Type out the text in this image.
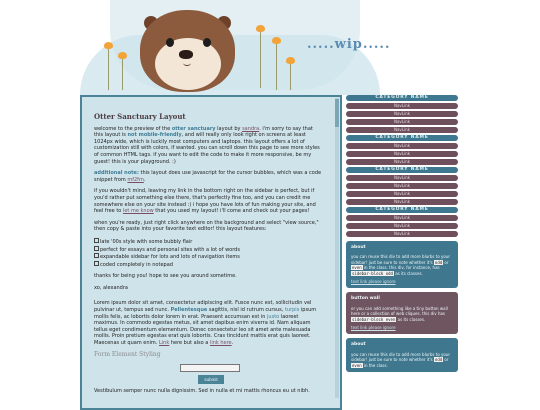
.....wip.....
Otter Sanctuary Layout

welcome to the preview of the otter sanctuary layout by sandra. i'm sorry to say that this layout is not mobile-friendly, and will really only look right on screens at least 1024px wide, which is luckily most computers and laptops. this layout offers a lot of customization still with colors, if wanted. you can scroll down this page to see more styles of common HTML tags. if you want to edit the code to make it more responsive, be my guest! this is your playground. :)

additional note: this layout does use javascript for the cursor bubbles, which was a code snippet from mf2fm.

if you wouldn't mind, leaving my link in the bottom right on the sidebar is perfect, but if you'd rather put something else there, that's perfectly fine too, and you can credit me somewhere else on your site instead :) i hope you have lots of fun making your site, and feel free to let me know that you used my layout! i'll come and check out your pages!

when you're ready, just right click anywhere on the background and select "view source," then copy & paste into your favorite text editor! this layout features:

late '00s style with some bubbly flair
perfect for essays and personal sites with a lot of words
expandable sidebar for lots and lots of navigation items
coded completely in notepad

thanks for being you! hope to see you around sometime.

xo, alexandra

Lorem ipsum dolor sit amet, consectetur adipiscing elit. Fusce nunc est, sollicitudin vel pulvinar ut, tempus sed nunc. Pellentesque sagittis, nisl id rutrum cursus, turpis ipsum mollis felis, ac lobortis dolor lorem in erat. Praesent accumsan est in justo laoreet maximus. In commodo egestas metus, sit amet dapibus enim viverra id. Nam aliquam tellus eget condimentum elementum. Donec consectetur leo sit amet ante malesuada mollis. Proin pretium egestas erat quis lobortis. Cras tincidunt mattis erat quis laoreet. Maecenas ut quam enim. Link here but also a link here.

Form Element Styling
submit

Vestibulum semper nunc nulla dignissim. Sed in nulla et mi mattis rhoncus eu ut nibh.

CATEGORY NAME
NavLink
NavLink
NavLink
NavLink
CATEGORY NAME
NavLink
NavLink
NavLink
CATEGORY NAME
NavLink
NavLink
NavLink
NavLink
CATEGORY NAME
NavLink
NavLink
NavLink
about
you can reuse this div to add more blurbs to your sidebar! just be sure to note whether it's odd or even in the class. this div, for instance, has sidebar-block odd as its classes.
text link please ignore
button wall
or you can add something like a tiny button wall here or a collection of web cliques. this div has sidebar-block even as its classes.
text link please ignore
about
you can reuse this div to add more blurbs to your sidebar! just be sure to note whether it's odd or even in the class.
